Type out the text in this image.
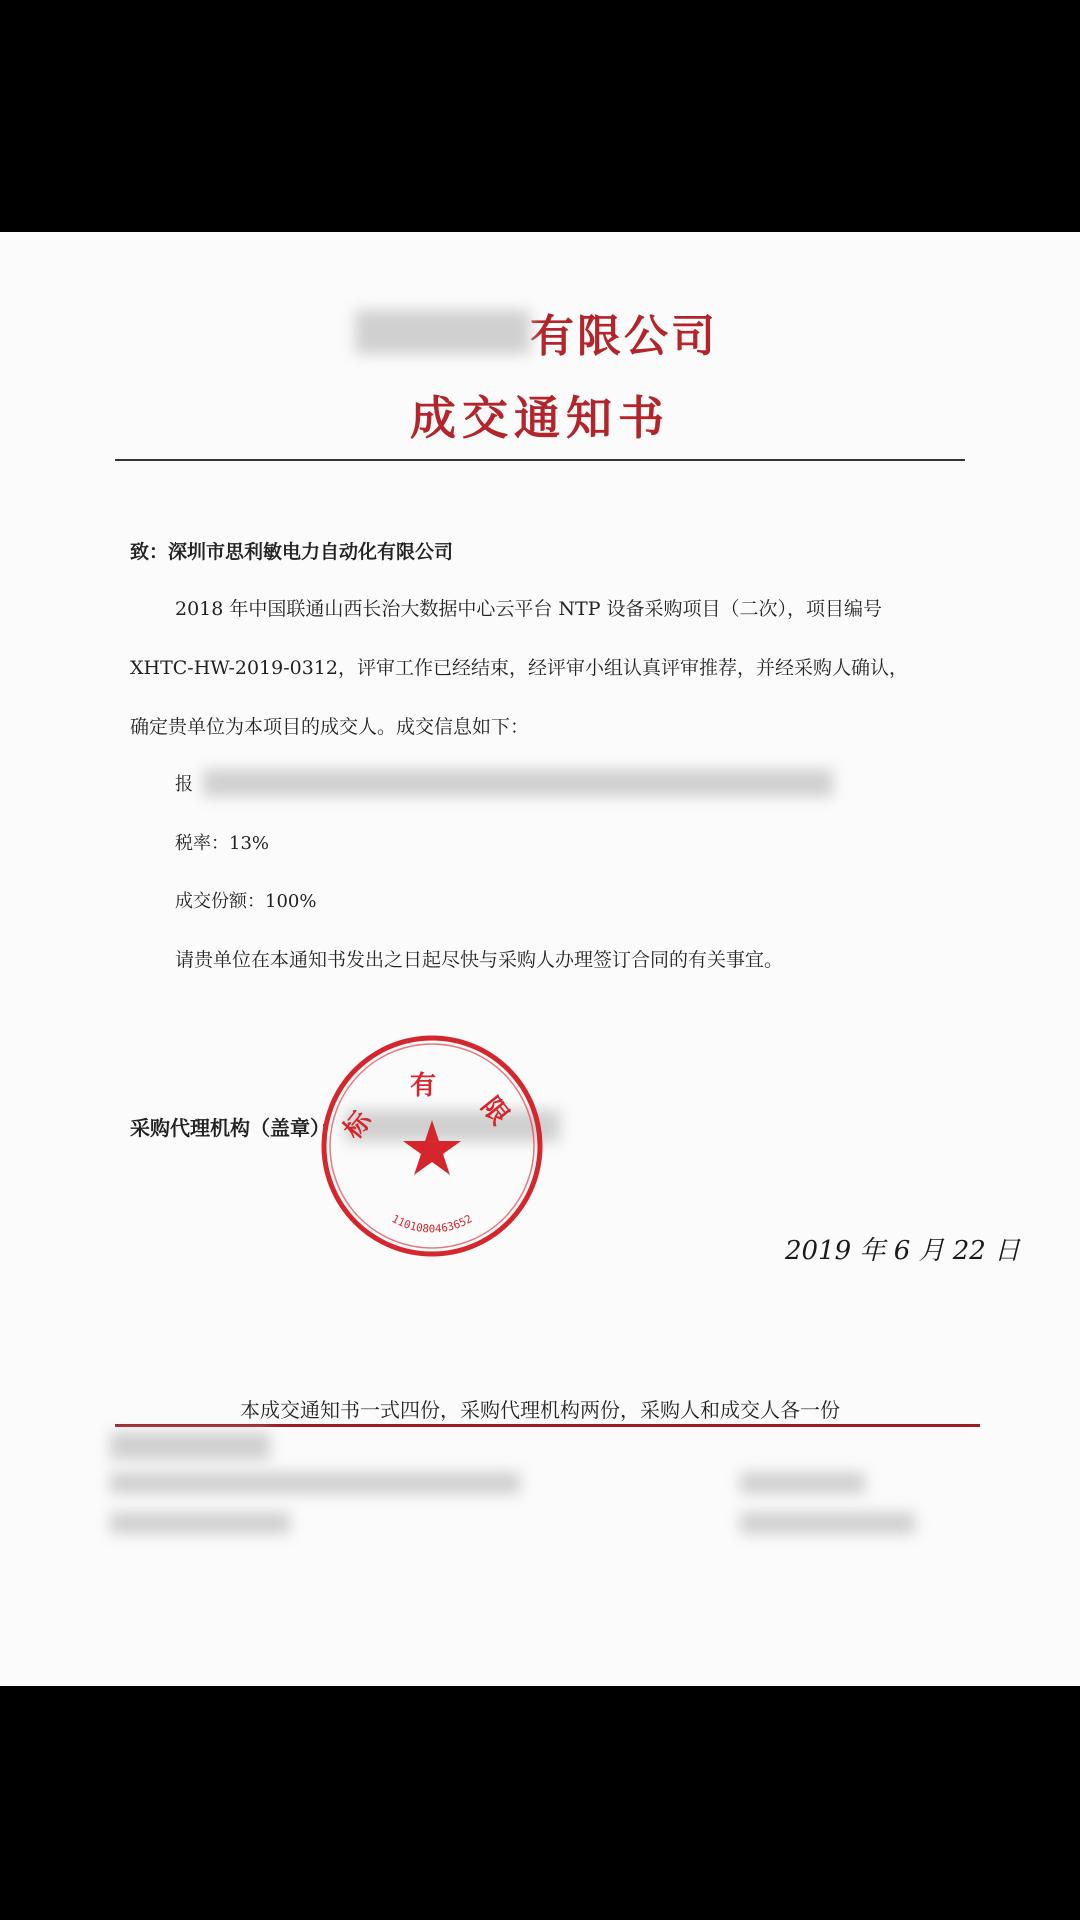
有限公司
成交通知书
致：深圳市思利敏电力自动化有限公司
2018 年中国联通山西长治大数据中心云平台 NTP 设备采购项目（二次），项目编号
XHTC-HW-2019-0312，评审工作已经结束，经评审小组认真评审推荐，并经采购人确认，
确定贵单位为本项目的成交人。成交信息如下：
报
税率：13%
成交份额：100%
请贵单位在本通知书发出之日起尽快与采购人办理签订合同的有关事宜。
采购代理机构（盖章）：
标 有 限
1101080463652
2019 年 6 月 22 日
本成交通知书一式四份，采购代理机构两份，采购人和成交人各一份
